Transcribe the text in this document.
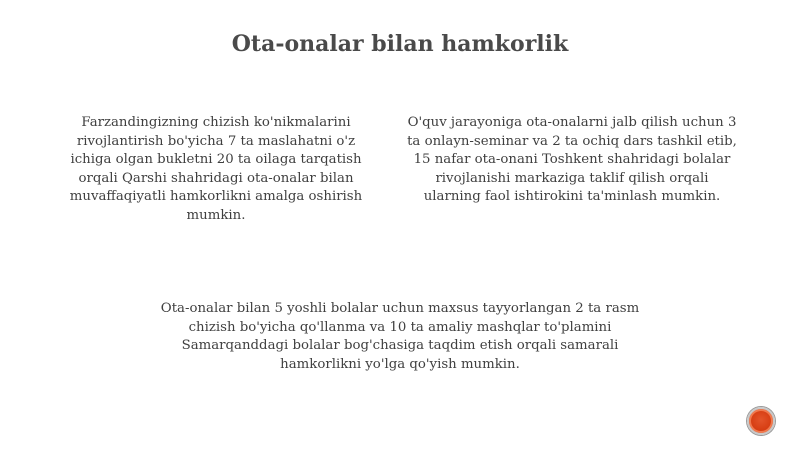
Ota-onalar bilan hamkorlik
Farzandingizning chizish ko'nikmalarini
rivojlantirish bo'yicha 7 ta maslahatni o'z
ichiga olgan bukletni 20 ta oilaga tarqatish
orqali Qarshi shahridagi ota-onalar bilan
muvaffaqiyatli hamkorlikni amalga oshirish
mumkin.
O'quv jarayoniga ota-onalarni jalb qilish uchun 3
ta onlayn-seminar va 2 ta ochiq dars tashkil etib,
15 nafar ota-onani Toshkent shahridagi bolalar
rivojlanishi markaziga taklif qilish orqali
ularning faol ishtirokini ta'minlash mumkin.
Ota-onalar bilan 5 yoshli bolalar uchun maxsus tayyorlangan 2 ta rasm
chizish bo'yicha qo'llanma va 10 ta amaliy mashqlar to'plamini
Samarqanddagi bolalar bog'chasiga taqdim etish orqali samarali
hamkorlikni yo'lga qo'yish mumkin.
